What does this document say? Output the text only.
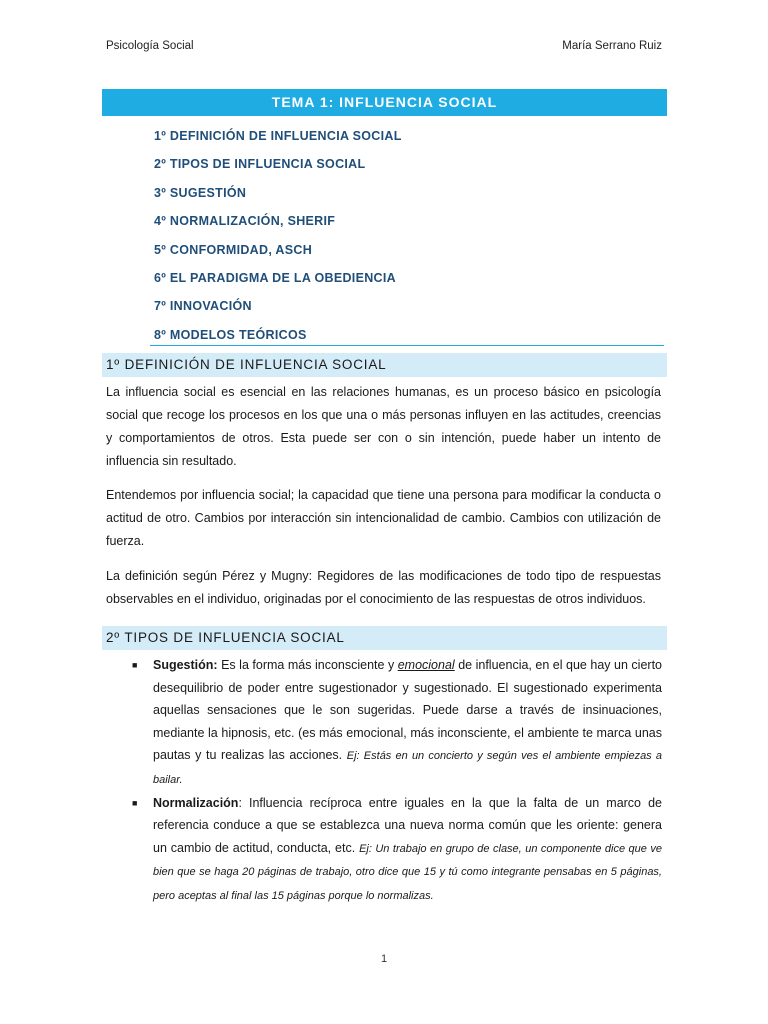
Psicología Social	María Serrano Ruiz
TEMA 1: INFLUENCIA SOCIAL
1º DEFINICIÓN DE INFLUENCIA SOCIAL
2º TIPOS DE INFLUENCIA SOCIAL
3º SUGESTIÓN
4º NORMALIZACIÓN, SHERIF
5º CONFORMIDAD, ASCH
6º EL PARADIGMA DE LA OBEDIENCIA
7º INNOVACIÓN
8º MODELOS TEÓRICOS
1º DEFINICIÓN DE INFLUENCIA SOCIAL

La influencia social es esencial en las relaciones humanas, es un proceso básico en psicología social que recoge los procesos en los que una o más personas influyen en las actitudes, creencias y comportamientos de otros. Esta puede ser con o sin intención, puede haber un intento de influencia sin resultado.

Entendemos por influencia social; la capacidad que tiene una persona para modificar la conducta o actitud de otro. Cambios por interacción sin intencionalidad de cambio. Cambios con utilización de fuerza.

La definición según Pérez y Mugny: Regidores de las modificaciones de todo tipo de respuestas observables en el individuo, originadas por el conocimiento de las respuestas de otros individuos.

2º TIPOS DE INFLUENCIA SOCIAL
■ Sugestión: Es la forma más inconsciente y emocional de influencia, en el que hay un cierto desequilibrio de poder entre sugestionador y sugestionado. El sugestionado experimenta aquellas sensaciones que le son sugeridas. Puede darse a través de insinuaciones, mediante la hipnosis, etc. (es más emocional, más inconsciente, el ambiente te marca unas pautas y tu realizas las acciones. Ej: Estás en un concierto y según ves el ambiente empiezas a bailar.
■ Normalización: Influencia recíproca entre iguales en la que la falta de un marco de referencia conduce a que se establezca una nueva norma común que les oriente: genera un cambio de actitud, conducta, etc. Ej: Un trabajo en grupo de clase, un componente dice que ve bien que se haga 20 páginas de trabajo, otro dice que 15 y tú como integrante pensabas en 5 páginas, pero aceptas al final las 15 páginas porque lo normalizas.
1
